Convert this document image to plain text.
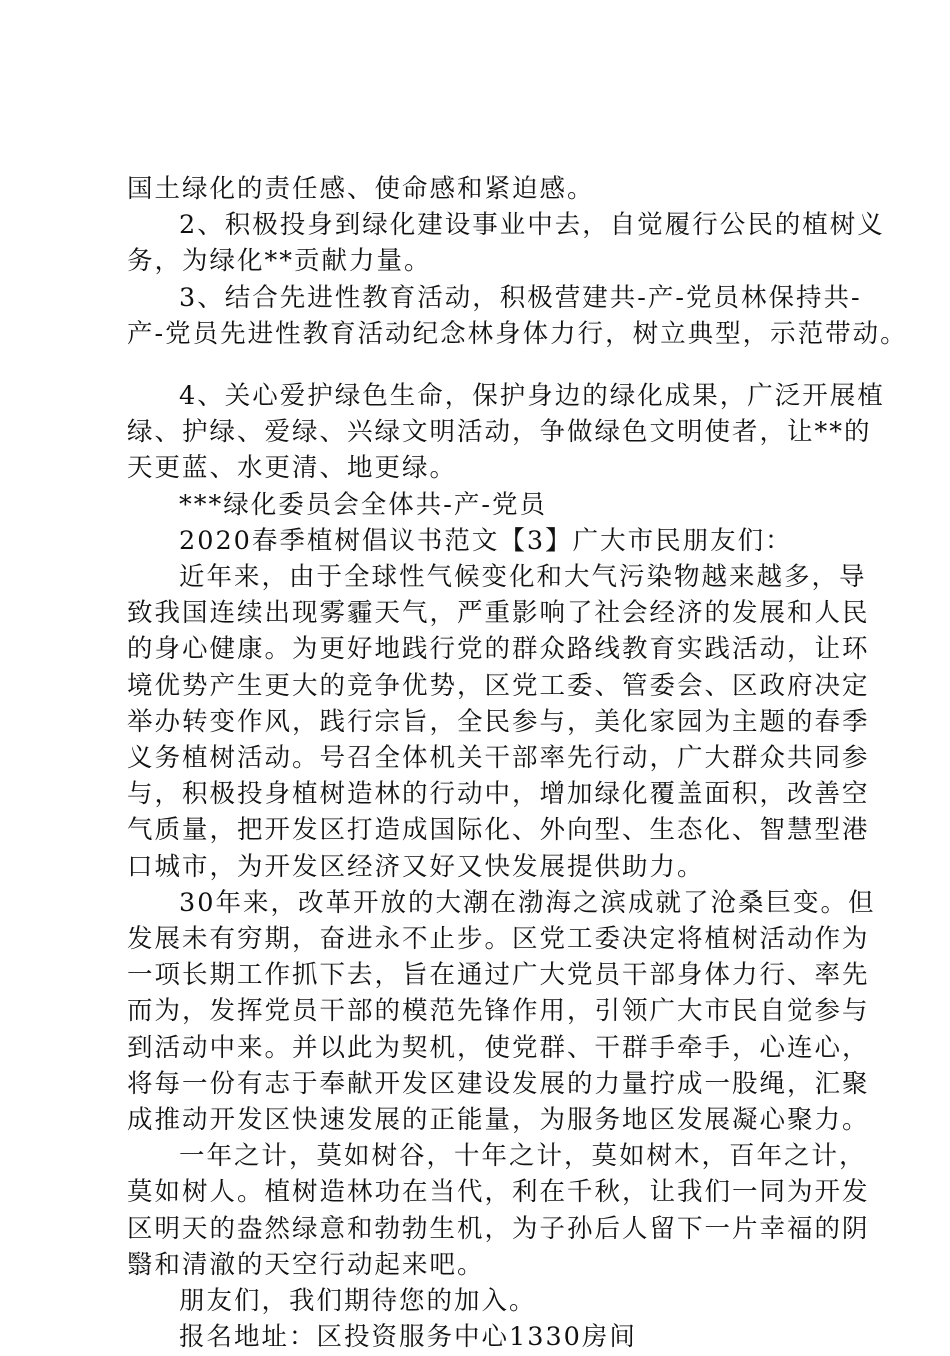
国土绿化的责任感、使命感和紧迫感。
2、积极投身到绿化建设事业中去，自觉履行公民的植树义
务，为绿化**贡献力量。
3、结合先进性教育活动，积极营建共-产-党员林保持共-
产-党员先进性教育活动纪念林身体力行，树立典型，示范带动。
4、关心爱护绿色生命，保护身边的绿化成果，广泛开展植
绿、护绿、爱绿、兴绿文明活动，争做绿色文明使者，让**的
天更蓝、水更清、地更绿。
***绿化委员会全体共-产-党员
2020春季植树倡议书范文【3】广大市民朋友们：
近年来，由于全球性气候变化和大气污染物越来越多，导
致我国连续出现雾霾天气，严重影响了社会经济的发展和人民
的身心健康。为更好地践行党的群众路线教育实践活动，让环
境优势产生更大的竞争优势，区党工委、管委会、区政府决定
举办转变作风，践行宗旨，全民参与，美化家园为主题的春季
义务植树活动。号召全体机关干部率先行动，广大群众共同参
与，积极投身植树造林的行动中，增加绿化覆盖面积，改善空
气质量，把开发区打造成国际化、外向型、生态化、智慧型港
口城市，为开发区经济又好又快发展提供助力。
30年来，改革开放的大潮在渤海之滨成就了沧桑巨变。但
发展未有穷期，奋进永不止步。区党工委决定将植树活动作为
一项长期工作抓下去，旨在通过广大党员干部身体力行、率先
而为，发挥党员干部的模范先锋作用，引领广大市民自觉参与
到活动中来。并以此为契机，使党群、干群手牵手，心连心，
将每一份有志于奉献开发区建设发展的力量拧成一股绳，汇聚
成推动开发区快速发展的正能量，为服务地区发展凝心聚力。
一年之计，莫如树谷，十年之计，莫如树木，百年之计，
莫如树人。植树造林功在当代，利在千秋，让我们一同为开发
区明天的盎然绿意和勃勃生机，为子孙后人留下一片幸福的阴
翳和清澈的天空行动起来吧。
朋友们，我们期待您的加入。
报名地址：区投资服务中心1330房间
